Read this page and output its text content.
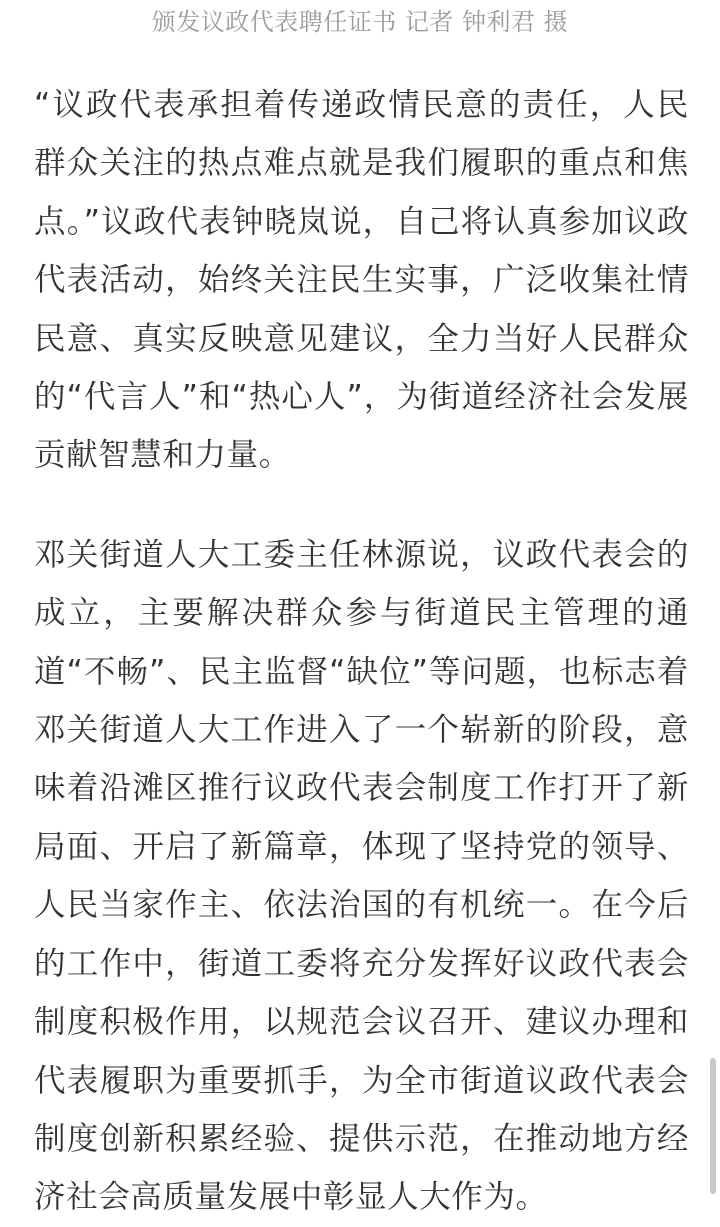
颁发议政代表聘任证书 记者 钟利君 摄

“议政代表承担着传递政情民意的责任，人民群众关注的热点难点就是我们履职的重点和焦点。”议政代表钟晓岚说，自己将认真参加议政代表活动，始终关注民生实事，广泛收集社情民意、真实反映意见建议，全力当好人民群众的“代言人”和“热心人”，为街道经济社会发展贡献智慧和力量。

邓关街道人大工委主任林源说，议政代表会的成立，主要解决群众参与街道民主管理的通道“不畅”、民主监督“缺位”等问题，也标志着邓关街道人大工作进入了一个崭新的阶段，意味着沿滩区推行议政代表会制度工作打开了新局面、开启了新篇章，体现了坚持党的领导、人民当家作主、依法治国的有机统一。在今后的工作中，街道工委将充分发挥好议政代表会制度积极作用，以规范会议召开、建议办理和代表履职为重要抓手，为全市街道议政代表会制度创新积累经验、提供示范，在推动地方经济社会高质量发展中彰显人大作为。
